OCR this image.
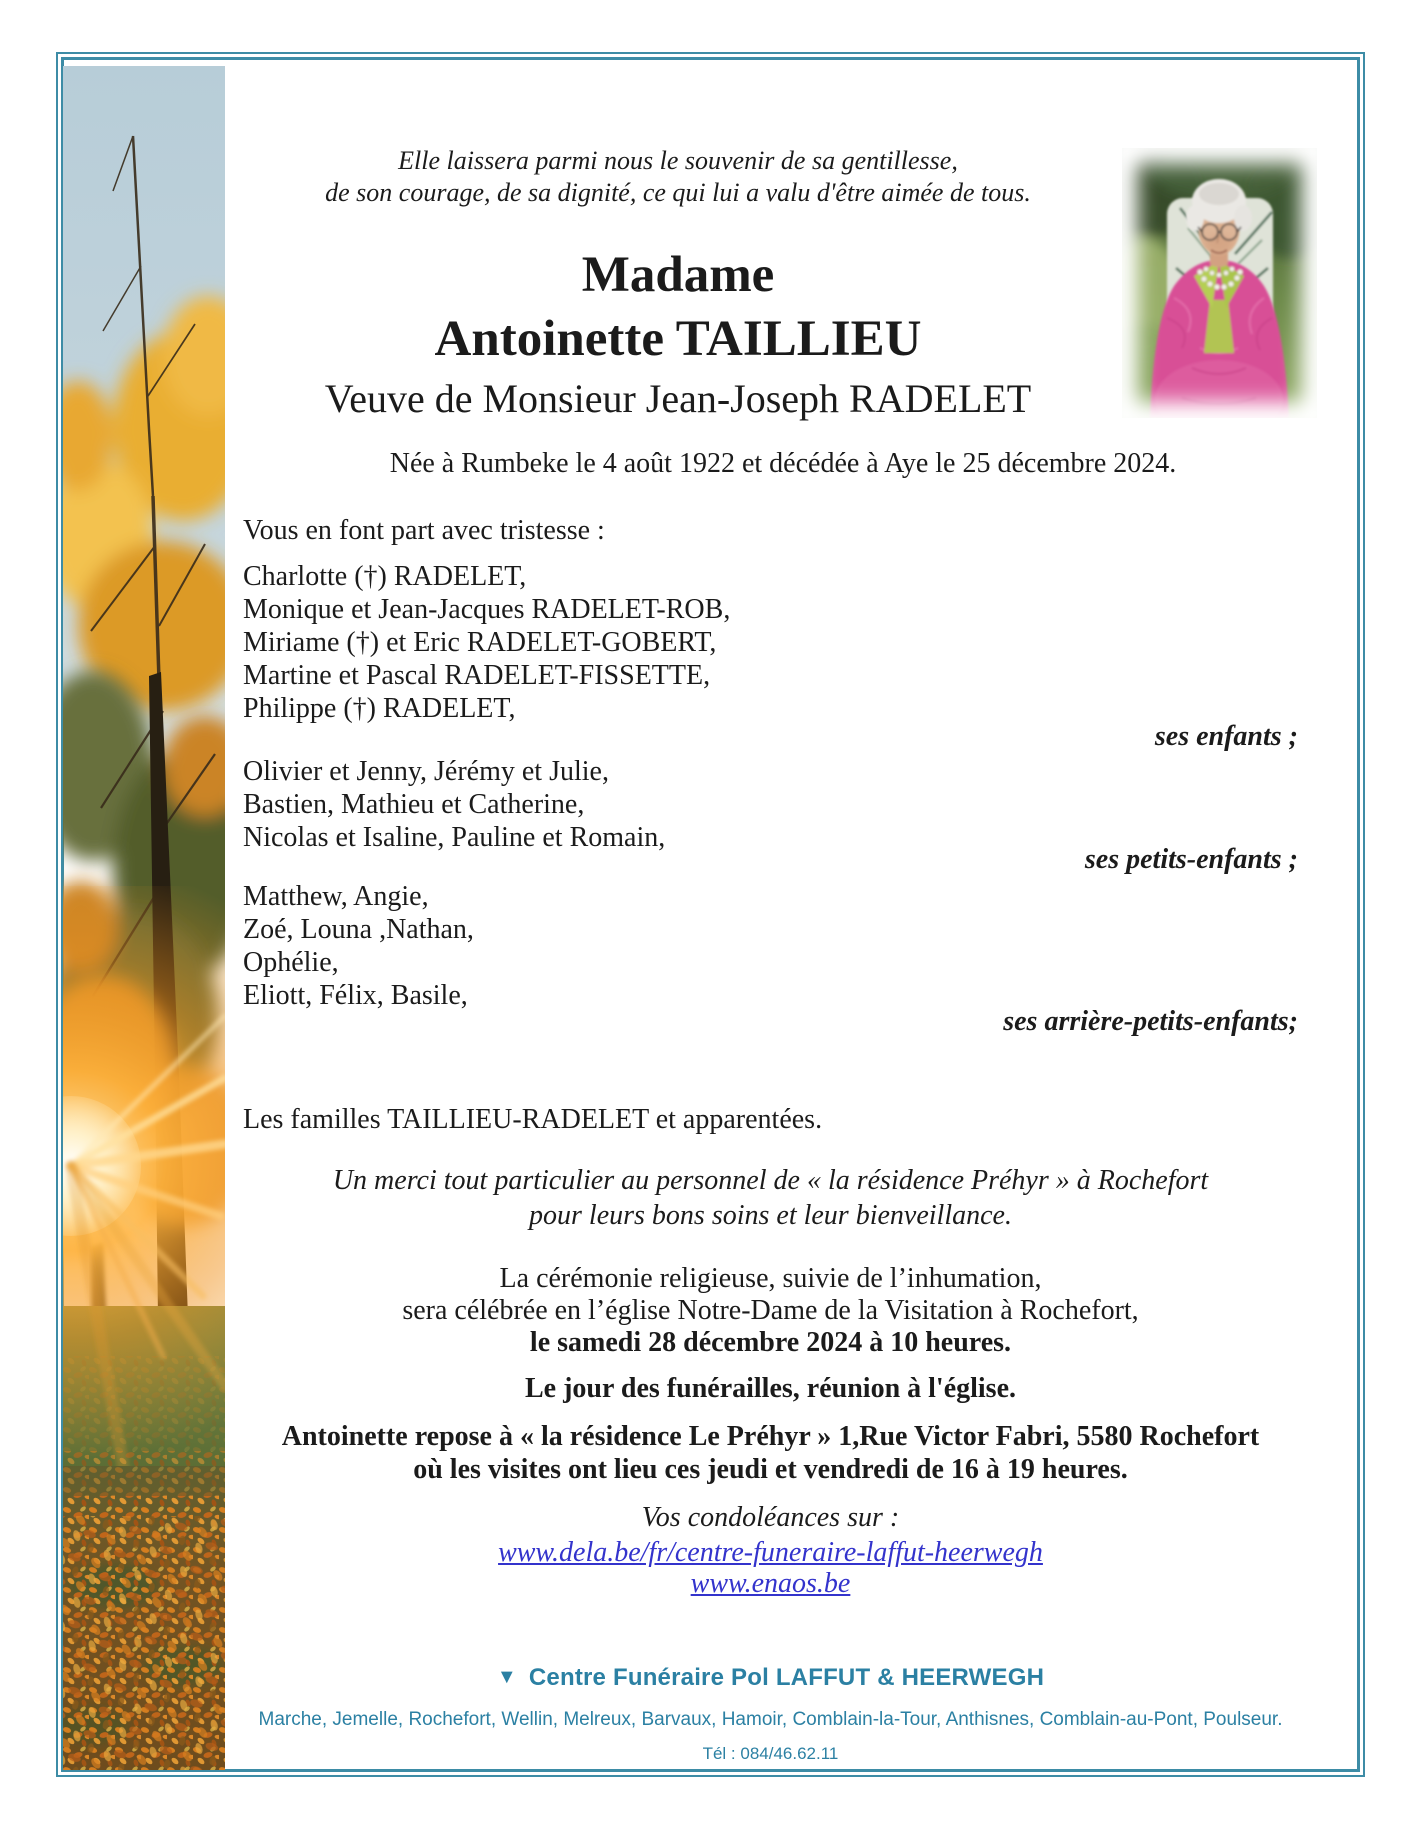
Elle laissera parmi nous le souvenir de sa gentillesse,
de son courage, de sa dignité, ce qui lui a valu d'être aimée de tous.
Madame
Antoinette TAILLIEU
Veuve de Monsieur Jean-Joseph RADELET
Née à Rumbeke le 4 août 1922 et décédée à Aye le 25 décembre 2024.
Vous en font part avec tristesse :
Charlotte (†) RADELET,
Monique et Jean-Jacques RADELET-ROB,
Miriame (†) et Eric RADELET-GOBERT,
Martine et Pascal RADELET-FISSETTE,
Philippe (†) RADELET,
ses enfants ;
Olivier et Jenny, Jérémy et Julie,
Bastien, Mathieu et Catherine,
Nicolas et Isaline, Pauline et Romain,
ses petits-enfants ;
Matthew, Angie,
Zoé, Louna ,Nathan,
Ophélie,
Eliott, Félix, Basile,
ses arrière-petits-enfants;
Les familles TAILLIEU-RADELET et apparentées.
Un merci tout particulier au personnel de « la résidence Préhyr » à Rochefort
pour leurs bons soins et leur bienveillance.
La cérémonie religieuse, suivie de l’inhumation,
sera célébrée en l’église Notre-Dame de la Visitation à Rochefort,
le samedi 28 décembre 2024 à 10 heures.
Le jour des funérailles, réunion à l'église.
Antoinette repose à « la résidence Le Préhyr » 1,Rue Victor Fabri, 5580 Rochefort
où les visites ont lieu ces jeudi et vendredi de 16 à 19 heures.
Vos condoléances sur :
www.dela.be/fr/centre-funeraire-laffut-heerwegh
www.enaos.be
▼ Centre Funéraire Pol LAFFUT & HEERWEGH
Marche, Jemelle, Rochefort, Wellin, Melreux, Barvaux, Hamoir, Comblain-la-Tour, Anthisnes, Comblain-au-Pont, Poulseur.
Tél : 084/46.62.11
